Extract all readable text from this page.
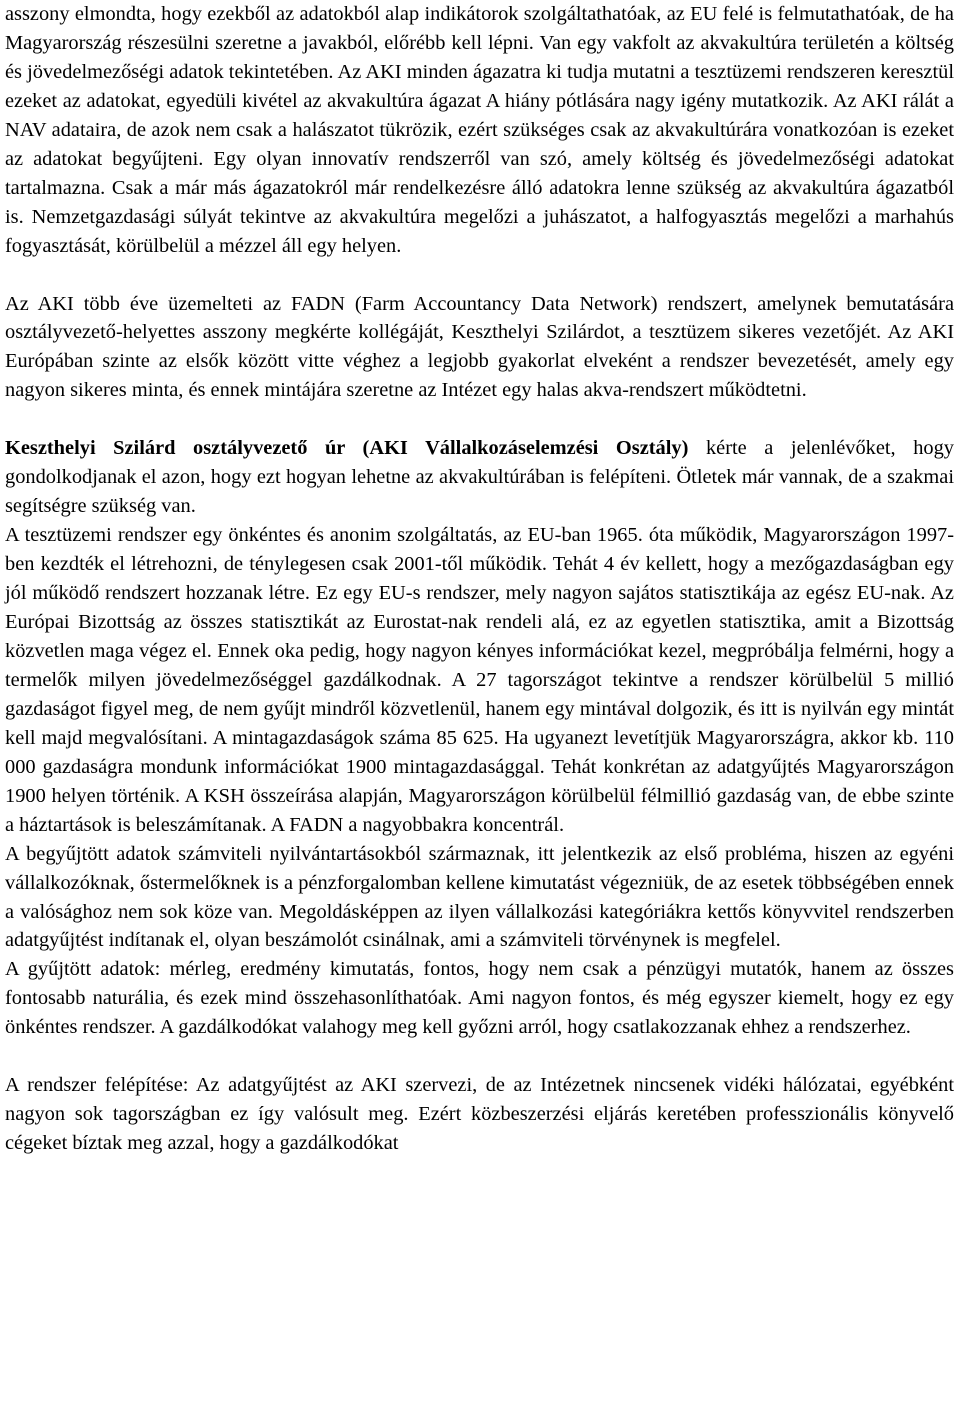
asszony elmondta, hogy ezekből az adatokból alap indikátorok szolgáltathatóak, az EU felé is felmutathatóak, de ha Magyarország részesülni szeretne a javakból, előrébb kell lépni. Van egy vakfolt az akvakultúra területén a költség és jövedelmezőségi adatok tekintetében. Az AKI minden ágazatra ki tudja mutatni a tesztüzemi rendszeren keresztül ezeket az adatokat, egyedüli kivétel az akvakultúra ágazat A hiány pótlására nagy igény mutatkozik. Az AKI rálát a NAV adataira, de azok nem csak a halászatot tükrözik, ezért szükséges csak az akvakultúrára vonatkozóan is ezeket az adatokat begyűjteni. Egy olyan innovatív rendszerről van szó, amely költség és jövedelmezőségi adatokat tartalmazna. Csak a már más ágazatokról már rendelkezésre álló adatokra lenne szükség az akvakultúra ágazatból is. Nemzetgazdasági súlyát tekintve az akvakultúra megelőzi a juhászatot, a halfogyasztás megelőzi a marhahús fogyasztását, körülbelül a mézzel áll egy helyen.

Az AKI több éve üzemelteti az FADN (Farm Accountancy Data Network) rendszert, amelynek bemutatására osztályvezető-helyettes asszony megkérte kollégáját, Keszthelyi Szilárdot, a tesztüzem sikeres vezetőjét. Az AKI Európában szinte az elsők között vitte véghez a legjobb gyakorlat elveként a rendszer bevezetését, amely egy nagyon sikeres minta, és ennek mintájára szeretne az Intézet egy halas akva-rendszert működtetni.

Keszthelyi Szilárd osztályvezető úr (AKI Vállalkozáselemzési Osztály) kérte a jelenlévőket, hogy gondolkodjanak el azon, hogy ezt hogyan lehetne az akvakultúrában is felépíteni. Ötletek már vannak, de a szakmai segítségre szükség van.

A tesztüzemi rendszer egy önkéntes és anonim szolgáltatás, az EU-ban 1965. óta működik, Magyarországon 1997-ben kezdték el létrehozni, de ténylegesen csak 2001-től működik. Tehát 4 év kellett, hogy a mezőgazdaságban egy jól működő rendszert hozzanak létre. Ez egy EU-s rendszer, mely nagyon sajátos statisztikája az egész EU-nak. Az Európai Bizottság az összes statisztikát az Eurostat-nak rendeli alá, ez az egyetlen statisztika, amit a Bizottság közvetlen maga végez el. Ennek oka pedig, hogy nagyon kényes információkat kezel, megpróbálja felmérni, hogy a termelők milyen jövedelmezőséggel gazdálkodnak. A 27 tagországot tekintve a rendszer körülbelül 5 millió gazdaságot figyel meg, de nem gyűjt mindről közvetlenül, hanem egy mintával dolgozik, és itt is nyilván egy mintát kell majd megvalósítani. A mintagazdaságok száma 85 625. Ha ugyanezt levetítjük Magyarországra, akkor kb. 110 000 gazdaságra mondunk információkat 1900 mintagazdasággal. Tehát konkrétan az adatgyűjtés Magyarországon 1900 helyen történik. A KSH összeírása alapján, Magyarországon körülbelül félmillió gazdaság van, de ebbe szinte a háztartások is beleszámítanak. A FADN a nagyobbakra koncentrál.

A begyűjtött adatok számviteli nyilvántartásokból származnak, itt jelentkezik az első probléma, hiszen az egyéni vállalkozóknak, őstermelőknek is a pénzforgalomban kellene kimutatást végezniük, de az esetek többségében ennek a valósághoz nem sok köze van. Megoldásképpen az ilyen vállalkozási kategóriákra kettős könyvvitel rendszerben adatgyűjtést indítanak el, olyan beszámolót csinálnak, ami a számviteli törvénynek is megfelel.

A gyűjtött adatok: mérleg, eredmény kimutatás, fontos, hogy nem csak a pénzügyi mutatók, hanem az összes fontosabb naturália, és ezek mind összehasonlíthatóak. Ami nagyon fontos, és még egyszer kiemelt, hogy ez egy önkéntes rendszer. A gazdálkodókat valahogy meg kell győzni arról, hogy csatlakozzanak ehhez a rendszerhez.

A rendszer felépítése: Az adatgyűjtést az AKI szervezi, de az Intézetnek nincsenek vidéki hálózatai, egyébként nagyon sok tagországban ez így valósult meg. Ezért közbeszerzési eljárás keretében professzionális könyvelő cégeket bíztak meg azzal, hogy a gazdálkodókat
